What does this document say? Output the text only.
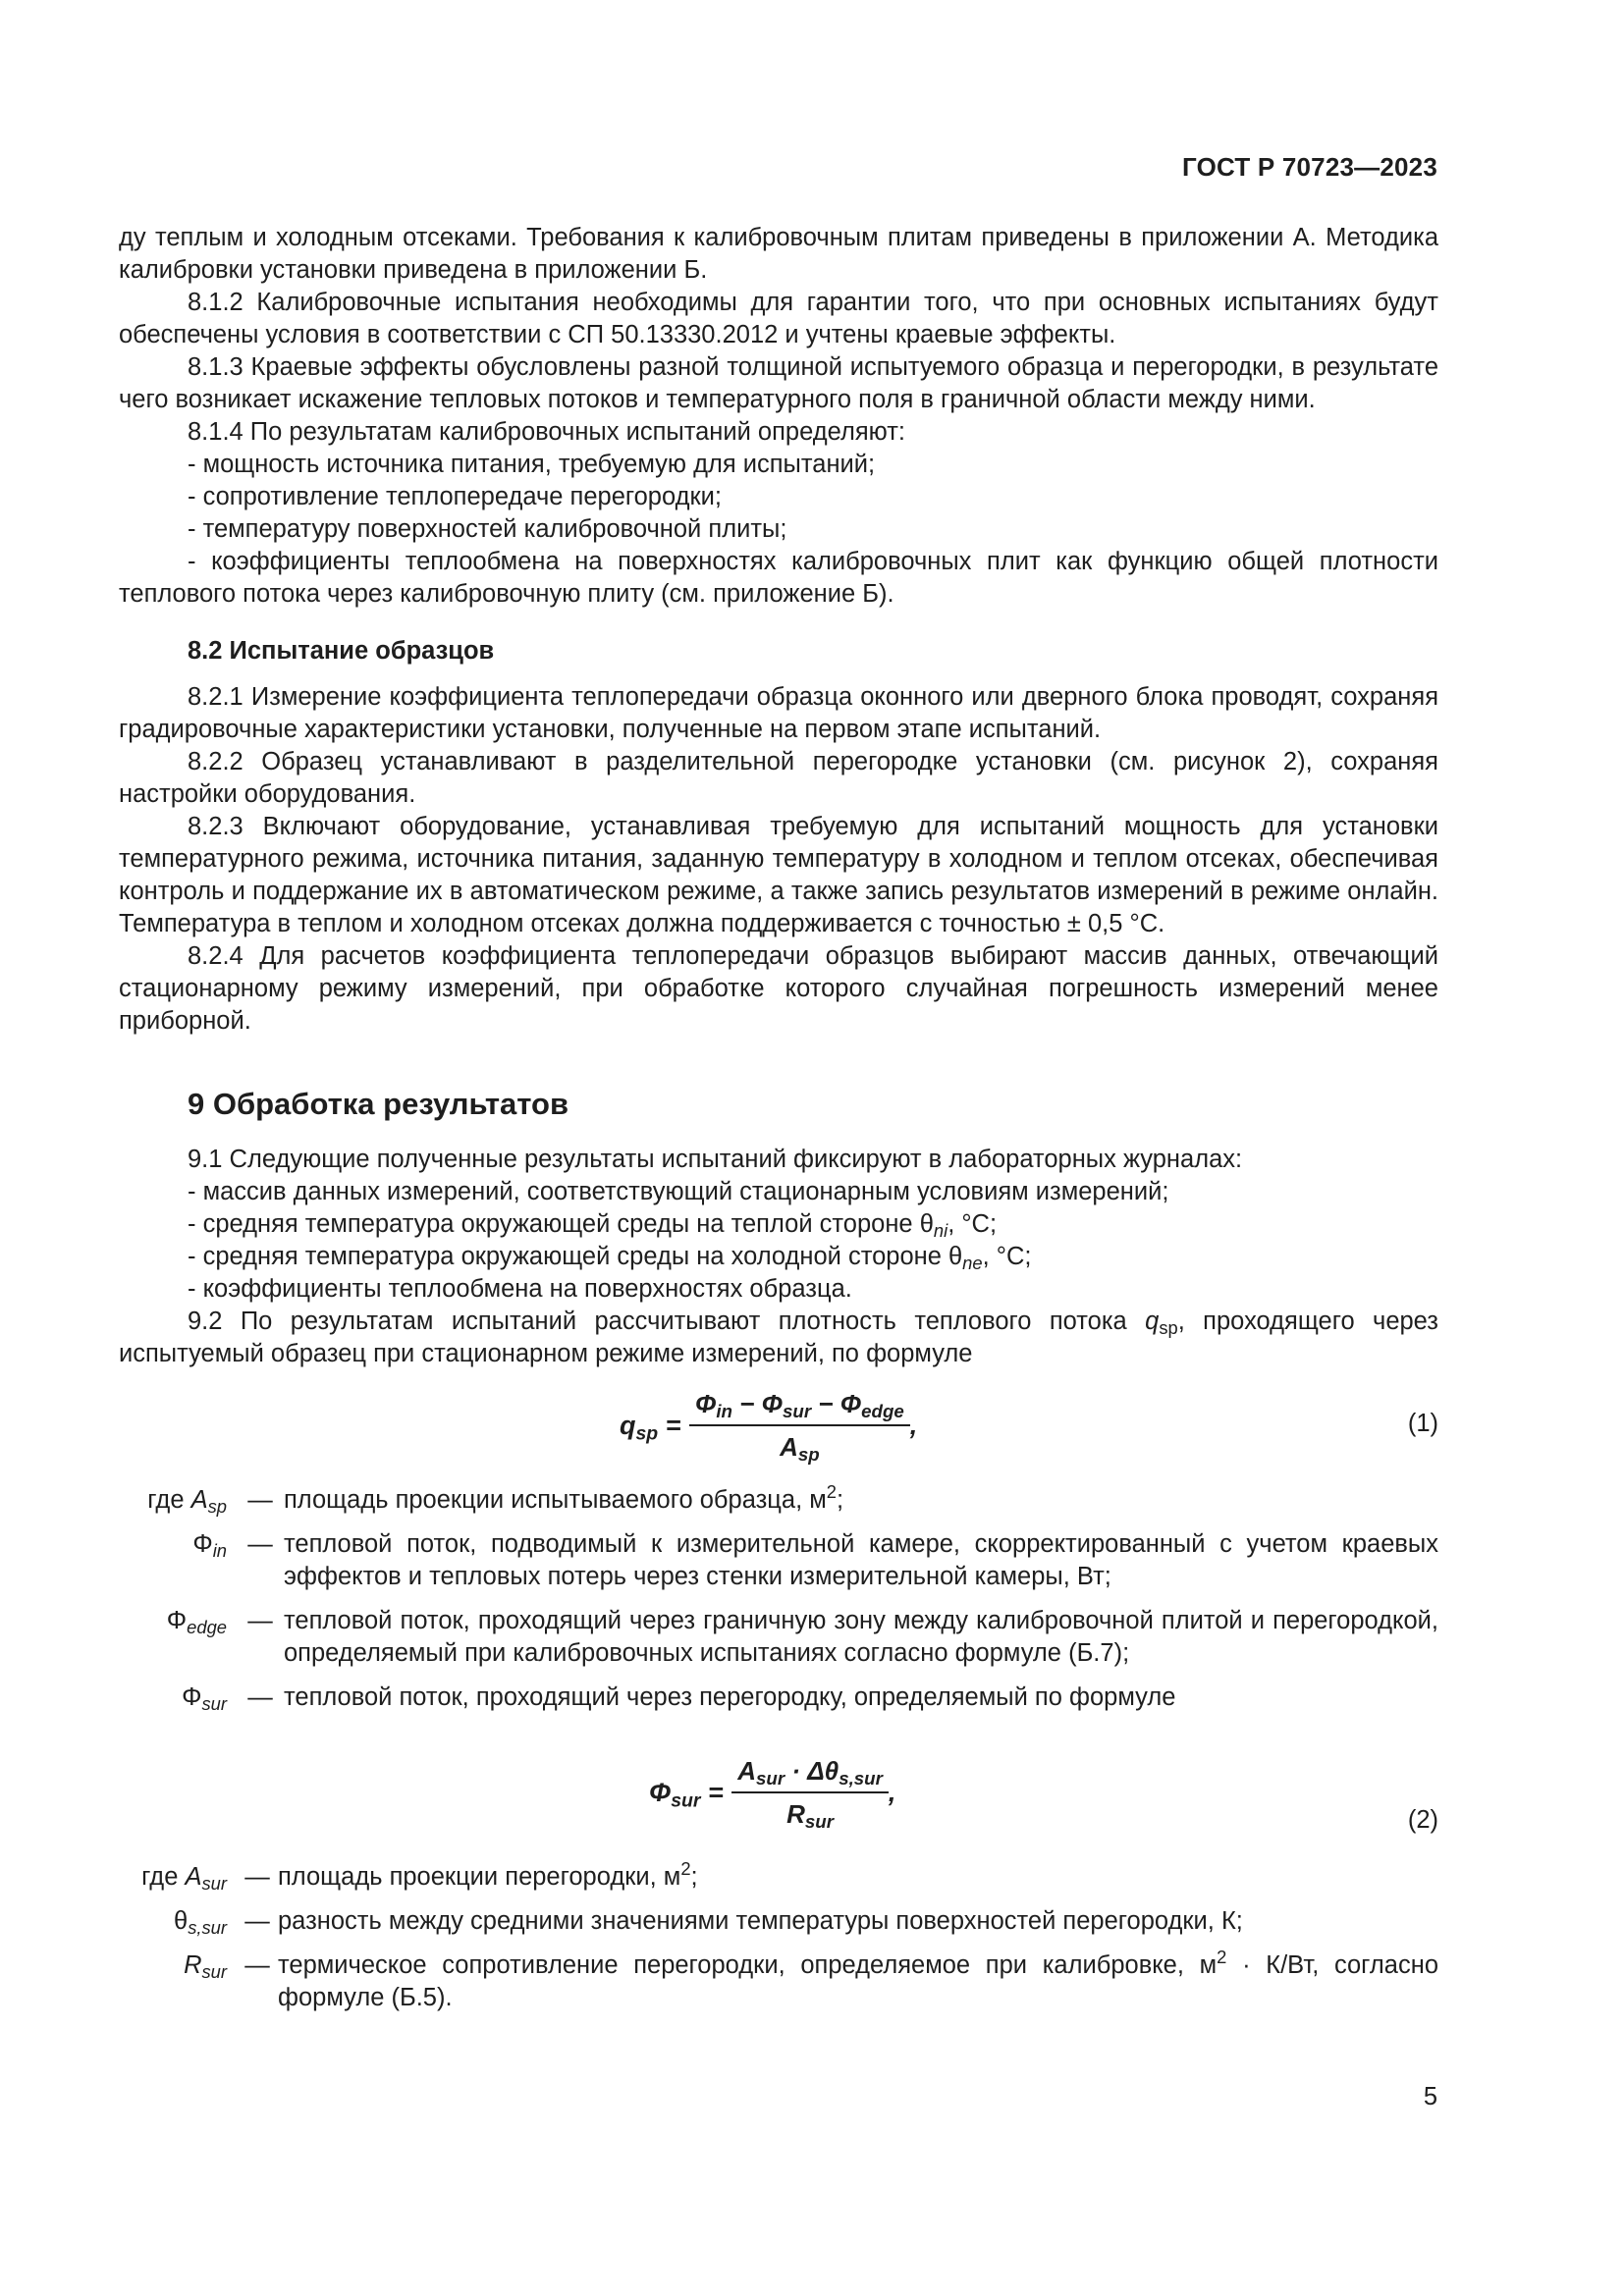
ГОСТ Р 70723—2023

ду теплым и холодным отсеками. Требования к калибровочным плитам приведены в приложении А. Методика калибровки установки приведена в приложении Б.

8.1.2 Калибровочные испытания необходимы для гарантии того, что при основных испытаниях будут обеспечены условия в соответствии с СП 50.13330.2012 и учтены краевые эффекты.

8.1.3 Краевые эффекты обусловлены разной толщиной испытуемого образца и перегородки, в результате чего возникает искажение тепловых потоков и температурного поля в граничной области между ними.

8.1.4 По результатам калибровочных испытаний определяют:

- мощность источника питания, требуемую для испытаний;

- сопротивление теплопередаче перегородки;

- температуру поверхностей калибровочной плиты;

- коэффициенты теплообмена на поверхностях калибровочных плит как функцию общей плотности теплового потока через калибровочную плиту (см. приложение Б).

8.2 Испытание образцов

8.2.1 Измерение коэффициента теплопередачи образца оконного или дверного блока проводят, сохраняя градировочные характеристики установки, полученные на первом этапе испытаний.

8.2.2 Образец устанавливают в разделительной перегородке установки (см. рисунок 2), сохраняя настройки оборудования.

8.2.3 Включают оборудование, устанавливая требуемую для испытаний мощность для установки температурного режима, источника питания, заданную температуру в холодном и теплом отсеках, обеспечивая контроль и поддержание их в автоматическом режиме, а также запись результатов измерений в режиме онлайн. Температура в теплом и холодном отсеках должна поддерживается с точностью ± 0,5 °С.

8.2.4 Для расчетов коэффициента теплопередачи образцов выбирают массив данных, отвечающий стационарному режиму измерений, при обработке которого случайная погрешность измерений менее приборной.

9 Обработка результатов

9.1 Следующие полученные результаты испытаний фиксируют в лабораторных журналах:

- массив данных измерений, соответствующий стационарным условиям измерений;

- средняя температура окружающей среды на теплой стороне $\theta_{ni}$, °С;

- средняя температура окружающей среды на холодной стороне $\theta_{ne}$, °С;

- коэффициенты теплообмена на поверхностях образца.

9.2 По результатам испытаний рассчитывают плотность теплового потока $q_{sp}$, проходящего через испытуемый образец при стационарном режиме измерений, по формуле

$q_{sp} = \frac{\Phi_{in} - \Phi_{sur} - \Phi_{edge}}{A_{sp}}$ ,	(1)
где $A_{sp}$ — площадь проекции испытываемого образца, $м^2$;
$\Phi_{in}$ — тепловой поток, подводимый к измерительной камере, скорректированный с учетом краевых эффектов и тепловых потерь через стенки измерительной камеры, Вт;
$\Phi_{edge}$ — тепловой поток, проходящий через граничную зону между калибровочной плитой и перегородкой, определяемый при калибровочных испытаниях согласно формуле (Б.7);
$\Phi_{sur}$ — тепловой поток, проходящий через перегородку, определяемый по формуле
$\Phi_{sur} = \frac{A_{sur} \cdot \Delta\theta_{s,sur}}{R_{sur}}$ ,
(2)
где $A_{sur}$ — площадь проекции перегородки, $м^2$;
$\theta_{s,sur}$ — разность между средними значениями температуры поверхностей перегородки, К;
$R_{sur}$ — термическое сопротивление перегородки, определяемое при калибровке, $м^2 \cdot К/Вт$, согласно формуле (Б.5).
5
